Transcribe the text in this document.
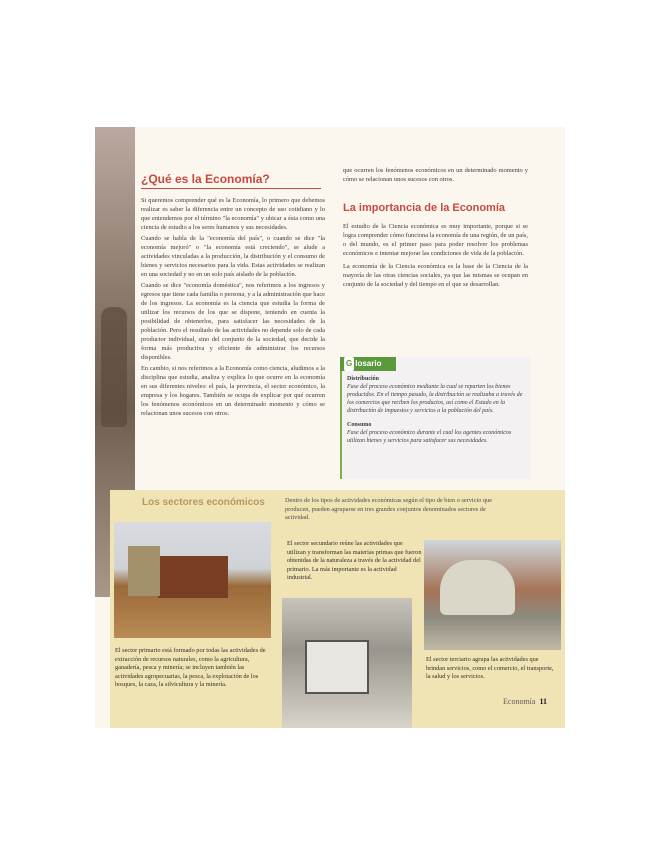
¿Qué es la Economía?

Si queremos comprender qué es la Economía, lo primero que debemos realizar es saber la diferencia entre un concepto de uso cotidiano y lo que entendemos por el término "la economía" y ubicar a ésta como una ciencia de estudio a los seres humanos y sus necesidades.

Cuando se habla de la "economía del país", o cuando se dice "la economía mejoró" o "la economía está creciendo", se alude a actividades vinculadas a la producción, la distribución y el consumo de bienes y servicios necesarios para la vida. Estas actividades se realizan en una sociedad y no en un solo país aislado de la población.

Cuando se dice "economía doméstica", nos referimos a los ingresos y egresos que tiene cada familia o persona, y a la administración que hace de los ingresos. La economía es la ciencia que estudia la forma de utilizar los recursos de los que se dispone, teniendo en cuenta la posibilidad de obtenerlos, para satisfacer las necesidades de la población. Pero el resultado de las actividades no depende solo de cada productor individual, sino del conjunto de la sociedad, que decide la forma más productiva y eficiente de administrar los recursos disponibles.

En cambio, si nos referimos a la Economía como ciencia, aludimos a la disciplina que estudia, analiza y explica lo que ocurre en la economía en sus diferentes niveles: el país, la provincia, el sector económico, la empresa y los hogares. También se ocupa de explicar por qué ocurren los fenómenos económicos en un determinado momento y cómo se relacionan unos sucesos con otros.

que ocurren los fenómenos económicos en un determinado momento y cómo se relacionan unos sucesos con otros.
La importancia de la Economía

El estudio de la Ciencia económica es muy importante, porque si se logra comprender cómo funciona la economía de una región, de un país, o del mundo, es el primer paso para poder resolver los problemas económicos e intentar mejorar las condiciones de vida de la población.

La economía de la Ciencia económica es la base de la Ciencia de la mayoría de las otras ciencias sociales, ya que las mismas se ocupan en conjunto de la sociedad y del tiempo en el que se desarrollan.

G losario
Distribución
Fase del proceso económico mediante la cual se reparten los bienes producidos. En el tiempo pasado, la distribución se realizaba a través de los comercios que reciben los productos, así como el Estado en la distribución de impuestos y servicios a la población del país.
Consumo
Fase del proceso económico durante el cual los agentes económicos utilizan bienes y servicios para satisfacer sus necesidades.
Los sectores económicos	Dentro de los tipos de actividades económicas según el tipo de bien o servicio que producen, pueden agruparse en tres grandes conjuntos denominados sectores de actividad.
El sector primario está formado por todas las actividades de extracción de recursos naturales, como la agricultura, ganadería, pesca y minería; se incluyen también las actividades agropecuarias, la pesca, la explotación de los bosques, la caza, la silvicultura y la minería.
El sector secundario reúne las actividades que utilizan y transforman las materias primas que fueron obtenidas de la naturaleza a través de la actividad del primario. La más importante es la actividad industrial.
El sector terciario agrupa las actividades que brindan servicios, como el comercio, el transporte, la salud y los servicios.
Economía 11
